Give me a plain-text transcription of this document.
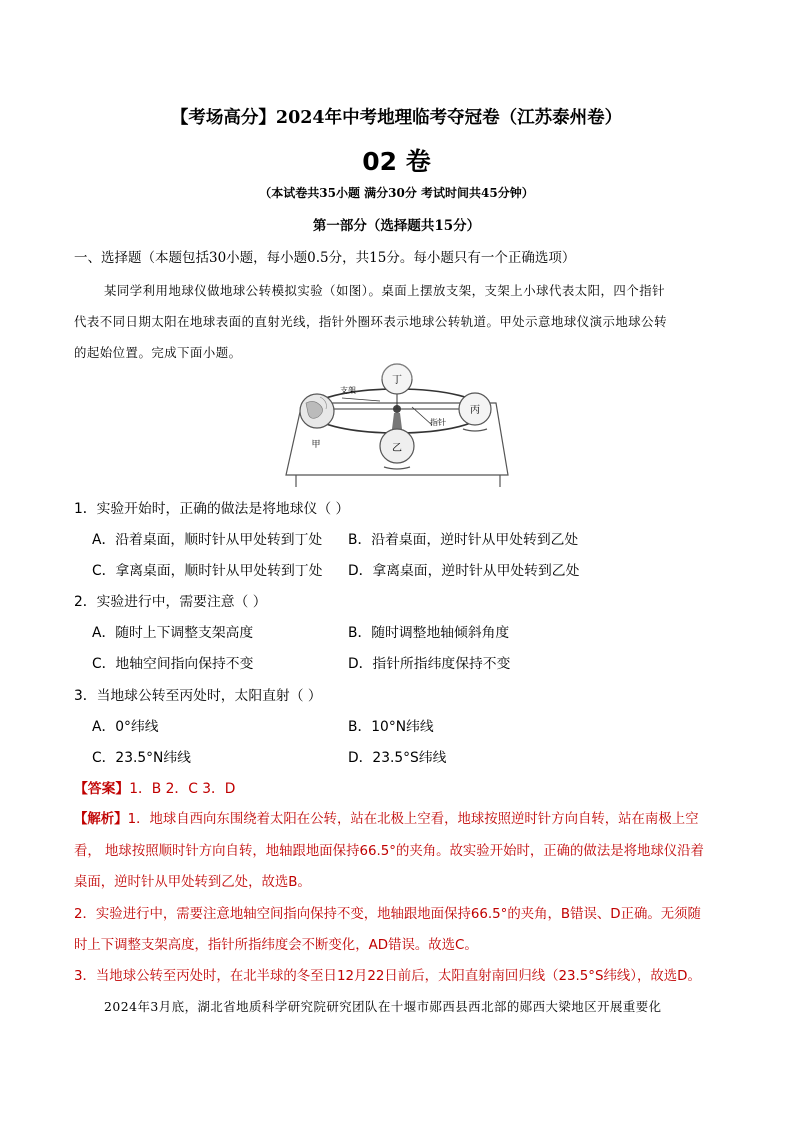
【考场高分】2024年中考地理临考夺冠卷（江苏泰州卷）
02 卷
（本试卷共35小题 满分30分 考试时间共45分钟）
第一部分（选择题共15分）
一、选择题（本题包括30小题，每小题0.5分，共15分。每小题只有一个正确选项）
某同学利用地球仪做地球公转模拟实验（如图）。桌面上摆放支架，支架上小球代表太阳，四个指针
代表不同日期太阳在地球表面的直射光线，指针外圈环表示地球公转轨道。甲处示意地球仪演示地球公转
的起始位置。完成下面小题。
丁
丙
乙
甲
支架
指针
1．实验开始时，正确的做法是将地球仪（ ）
A．沿着桌面，顺时针从甲处转到丁处 B．沿着桌面，逆时针从甲处转到乙处
C．拿离桌面，顺时针从甲处转到丁处 D．拿离桌面，逆时针从甲处转到乙处
2．实验进行中，需要注意（ ）
A．随时上下调整支架高度	B．随时调整地轴倾斜角度
C．地轴空间指向保持不变	D．指针所指纬度保持不变
3．当地球公转至丙处时，太阳直射（ ）
A．0°纬线	B．10°N纬线
C．23.5°N纬线	D．23.5°S纬线
【答案】1．B 2．C 3．D
【解析】1．地球自西向东围绕着太阳在公转，站在北极上空看，地球按照逆时针方向自转，站在南极上空
看， 地球按照顺时针方向自转，地轴跟地面保持66.5°的夹角。故实验开始时，正确的做法是将地球仪沿着
桌面，逆时针从甲处转到乙处，故选B。
2．实验进行中，需要注意地轴空间指向保持不变，地轴跟地面保持66.5°的夹角，B错误、D正确。无须随
时上下调整支架高度，指针所指纬度会不断变化，AD错误。故选C。
3．当地球公转至丙处时，在北半球的冬至日12月22日前后，太阳直射南回归线（23.5°S纬线），故选D。
2024年3月底，湖北省地质科学研究院研究团队在十堰市郧西县西北部的郧西大梁地区开展重要化
